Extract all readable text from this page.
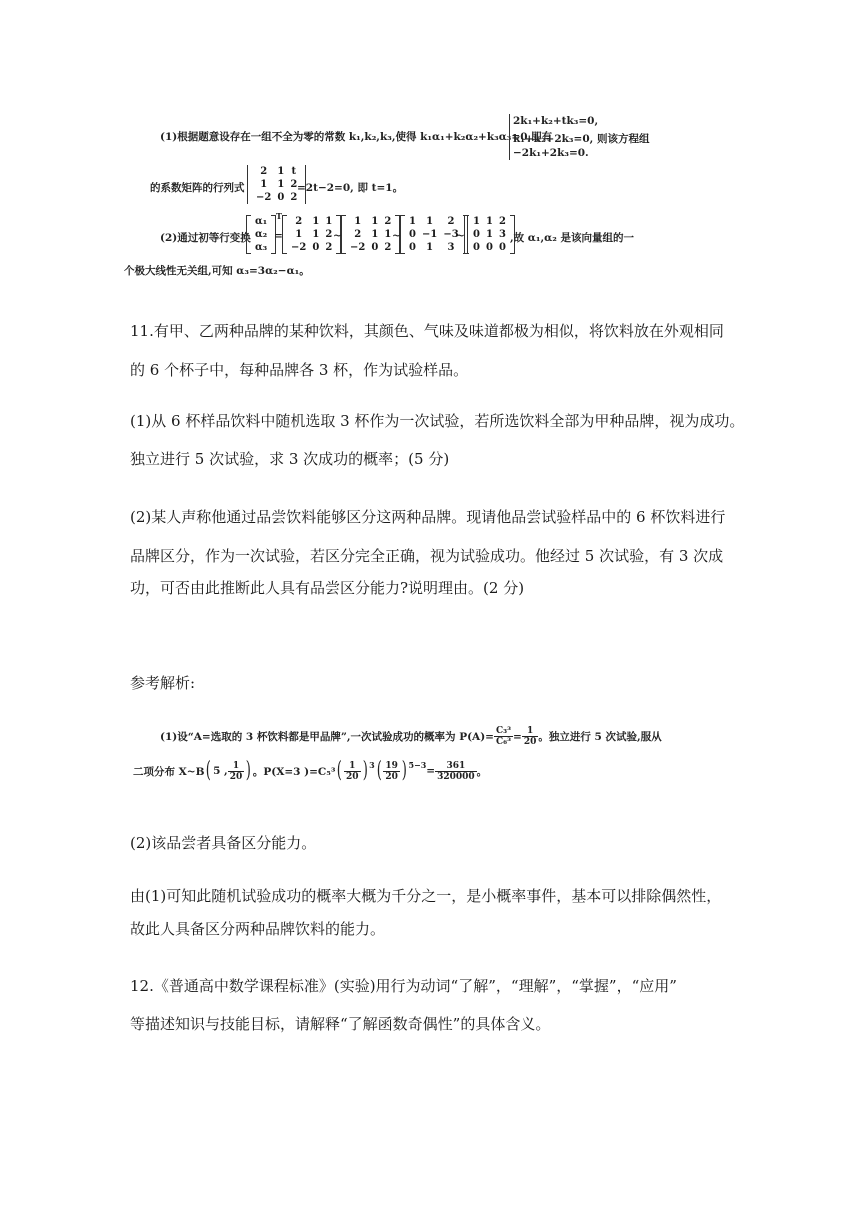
(1)根据题意设存在一组不全为零的常数 k₁,k₂,k₃,使得 k₁α₁+k₂α₂+k₃α₃=0,即有
2k₁+k₂+tk₃=0,
k₁+k₂+2k₃=0, 则该方程组
−2k₁+2k₃=0.
的系数矩阵的行列式
2	1	t
1	1	2
−2	0	2
=2t−2=0, 即 t=1。
(2)通过初等行变换
α₁
α₂
α₃
T
=
2	1	1
1	1	2
−2	0	2
~
1	1	2
2	1	1
−2	0	2
~
1	1	2
0	−1	−3
0	1	3
~
1	1	2
0	1	3
0	0	0
,故 α₁,α₂ 是该向量组的一
个极大线性无关组,可知 α₃=3α₂−α₁。
11.有甲、乙两种品牌的某种饮料，其颜色、气味及味道都极为相似，将饮料放在外观相同
的 6 个杯子中，每种品牌各 3 杯，作为试验样品。
(1)从 6 杯样品饮料中随机选取 3 杯作为一次试验，若所选饮料全部为甲种品牌，视为成功。
独立进行 5 次试验，求 3 次成功的概率；(5 分)
(2)某人声称他通过品尝饮料能够区分这两种品牌。现请他品尝试验样品中的 6 杯饮料进行
品牌区分，作为一次试验，若区分完全正确，视为试验成功。他经过 5 次试验，有 3 次成
功，可否由此推断此人具有品尝区分能力?说明理由。(2 分)
参考解析:
(1)设“A=选取的 3 杯饮料都是甲品牌”,一次试验成功的概率为 $P(A)= \frac{\text{C₃³}}{\text{C₆³}} = \frac{1}{20}$ 。独立进行 5 次试验,服从
二项分布 X~B ( 5 , $\frac{1}{20}$ ) 。P(X=3 )=C₅³ ( $\frac{1}{20} )^3$ ( $\frac{19}{20} )^{5-3} = \frac{361}{320000}$ 。
(2)该品尝者具备区分能力。
由(1)可知此随机试验成功的概率大概为千分之一，是小概率事件，基本可以排除偶然性，
故此人具备区分两种品牌饮料的能力。
12.《普通高中数学课程标准》(实验)用行为动词“了解”，“理解”，“掌握”，“应用”
等描述知识与技能目标，请解释“了解函数奇偶性”的具体含义。
